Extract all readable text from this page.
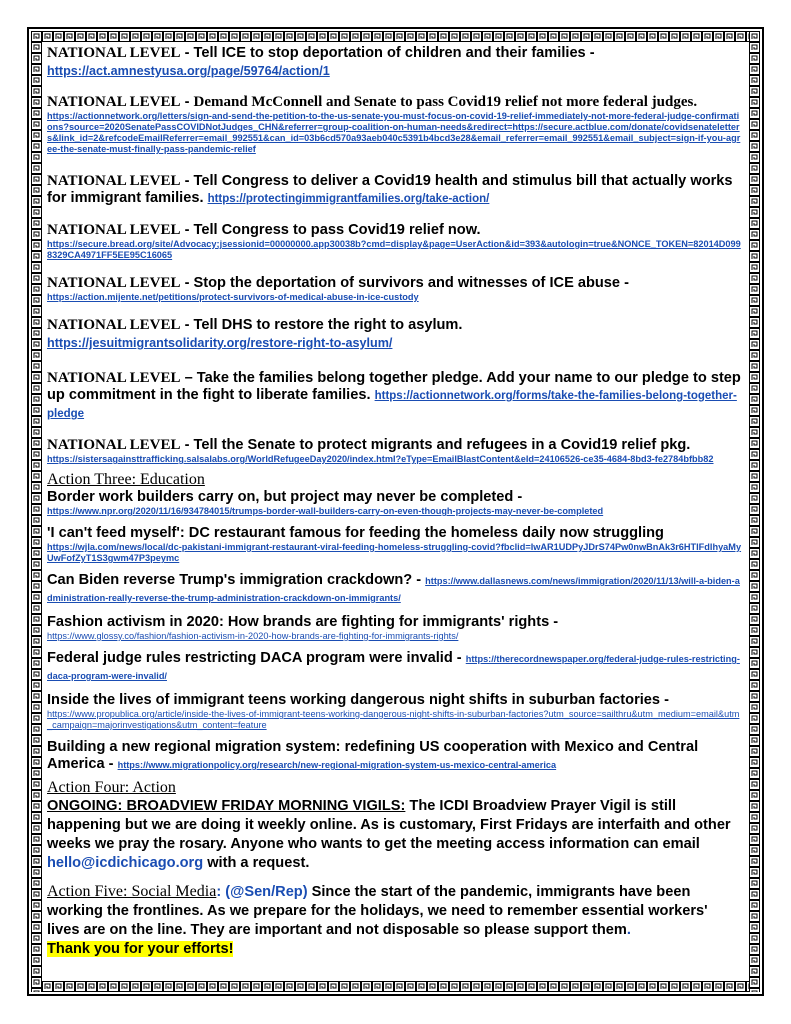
NATIONAL LEVEL - Tell ICE to stop deportation of children and their families -
https://act.amnestyusa.org/page/59764/action/1
NATIONAL LEVEL - Demand McConnell and Senate to pass Covid19 relief not more federal judges.
https://actionnetwork.org/letters/sign-and-send-the-petition-to-the-us-senate-you-must-focus-on-covid-19-relief-immediately-not-more-federal-judge-confirmations?source=2020SenatePassCOVIDNotJudges_CHN&referrer=group-coalition-on-human-needs&redirect=https://secure.actblue.com/donate/covidsenateletters&link_id=2&refcodeEmailReferrer=email_992551&can_id=03b6cd570a93aeb040c5391b4bcd3e28&email_referrer=email_992551&email_subject=sign-if-you-agree-the-senate-must-finally-pass-pandemic-relief
NATIONAL LEVEL - Tell Congress to deliver a Covid19 health and stimulus bill that actually works for immigrant families. https://protectingimmigrantfamilies.org/take-action/
NATIONAL LEVEL - Tell Congress to pass Covid19 relief now.
https://secure.bread.org/site/Advocacy;jsessionid=00000000.app30038b?cmd=display&page=UserAction&id=393&autologin=true&NONCE_TOKEN=82014D0998329CA4971FF5EE95C16065
NATIONAL LEVEL - Stop the deportation of survivors and witnesses of ICE abuse -
https://action.mijente.net/petitions/protect-survivors-of-medical-abuse-in-ice-custody
NATIONAL LEVEL - Tell DHS to restore the right to asylum.
https://jesuitmigrantsolidarity.org/restore-right-to-asylum/
NATIONAL LEVEL – Take the families belong together pledge. Add your name to our pledge to step up commitment in the fight to liberate families. https://actionnetwork.org/forms/take-the-families-belong-together-pledge
NATIONAL LEVEL - Tell the Senate to protect migrants and refugees in a Covid19 relief pkg.
https://sistersagainsttrafficking.salsalabs.org/WorldRefugeeDay2020/index.html?eType=EmailBlastContent&eId=24106526-ce35-4684-8bd3-fe2784bfbb82
Action Three: Education
Border work builders carry on, but project may never be completed -
https://www.npr.org/2020/11/16/934784015/trumps-border-wall-builders-carry-on-even-though-projects-may-never-be-completed
'I can't feed myself': DC restaurant famous for feeding the homeless daily now struggling
https://wjla.com/news/local/dc-pakistani-immigrant-restaurant-viral-feeding-homeless-struggling-covid?fbclid=IwAR1UDPyJDrS74Pw0nwBnAk3r6HTIFdlhyaMyUwFofZyT1S3gwm47P3peymc
Can Biden reverse Trump's immigration crackdown? - https://www.dallasnews.com/news/immigration/2020/11/13/will-a-biden-administration-really-reverse-the-trump-administration-crackdown-on-immigrants/
Fashion activism in 2020: How brands are fighting for immigrants' rights -
https://www.glossy.co/fashion/fashion-activism-in-2020-how-brands-are-fighting-for-immigrants-rights/
Federal judge rules restricting DACA program were invalid - https://therecordnewspaper.org/federal-judge-rules-restricting-daca-program-were-invalid/
Inside the lives of immigrant teens working dangerous night shifts in suburban factories -
https://www.propublica.org/article/inside-the-lives-of-immigrant-teens-working-dangerous-night-shifts-in-suburban-factories?utm_source=sailthru&utm_medium=email&utm_campaign=majorinvestigations&utm_content=feature
Building a new regional migration system: redefining US cooperation with Mexico and Central America - https://www.migrationpolicy.org/research/new-regional-migration-system-us-mexico-central-america
Action Four: Action
ONGOING: BROADVIEW FRIDAY MORNING VIGILS: The ICDI Broadview Prayer Vigil is still happening but we are doing it weekly online. As is customary, First Fridays are interfaith and other weeks we pray the rosary. Anyone who wants to get the meeting access information can email hello@icdichicago.org with a request.
Action Five: Social Media: (@Sen/Rep) Since the start of the pandemic, immigrants have been working the frontlines. As we prepare for the holidays, we need to remember essential workers' lives are on the line. They are important and not disposable so please support them.
Thank you for your efforts!
